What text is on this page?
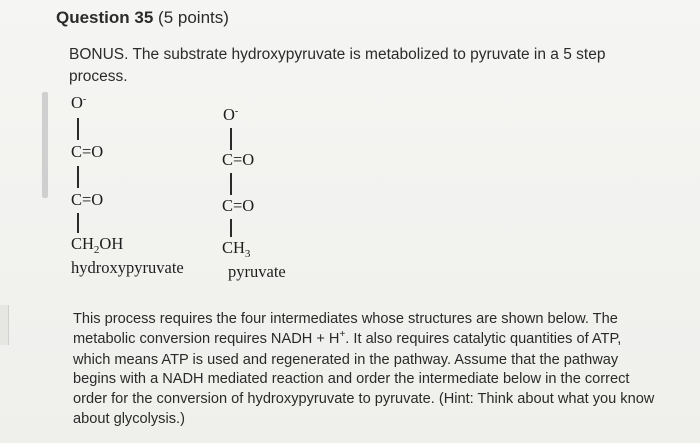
Question 35 (5 points)
BONUS. The substrate hydroxypyruvate is metabolized to pyruvate in a 5 step process.
O-
C=O
C=O
$CH_2OH$
hydroxypyruvate
O-
C=O
C=O
$CH_3$
pyruvate
This process requires the four intermediates whose structures are shown below. The metabolic conversion requires NADH + H+. It also requires catalytic quantities of ATP, which means ATP is used and regenerated in the pathway. Assume that the pathway begins with a NADH mediated reaction and order the intermediate below in the correct order for the conversion of hydroxypyruvate to pyruvate. (Hint: Think about what you know about glycolysis.)
